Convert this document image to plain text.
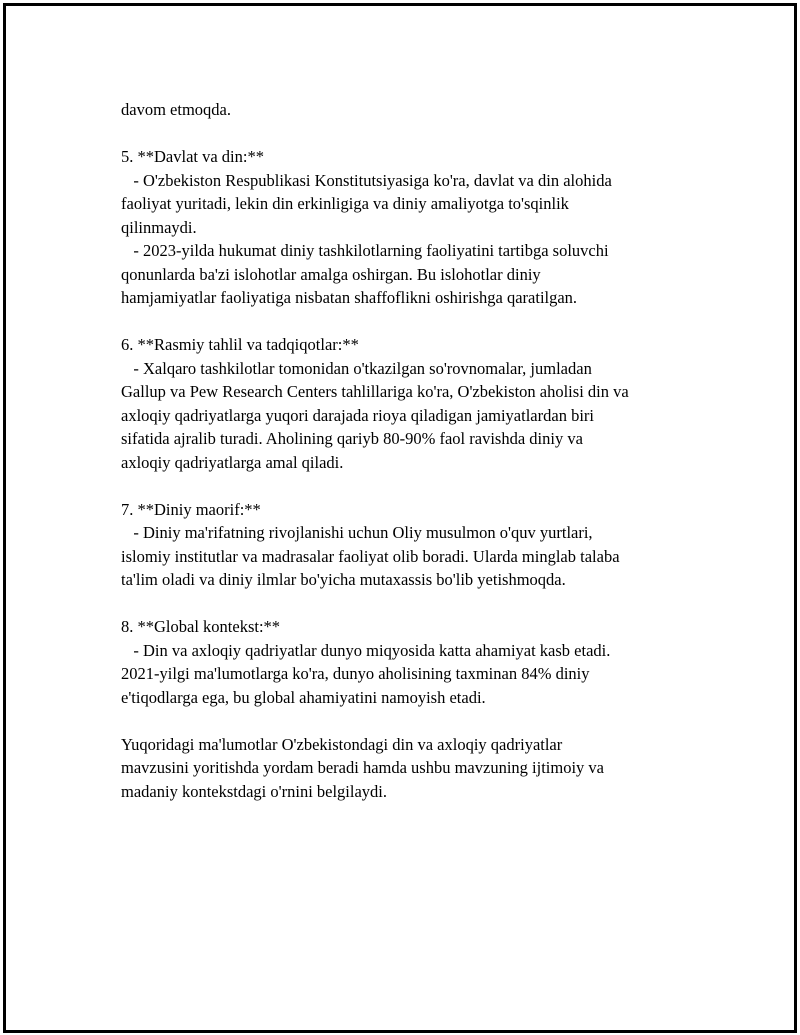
davom etmoqda.
5. **Davlat va din:**
- O'zbekiston Respublikasi Konstitutsiyasiga ko'ra, davlat va din alohida
faoliyat yuritadi, lekin din erkinligiga va diniy amaliyotga to'sqinlik
qilinmaydi.
- 2023-yilda hukumat diniy tashkilotlarning faoliyatini tartibga soluvchi
qonunlarda ba'zi islohotlar amalga oshirgan. Bu islohotlar diniy
hamjamiyatlar faoliyatiga nisbatan shaffoflikni oshirishga qaratilgan.
6. **Rasmiy tahlil va tadqiqotlar:**
- Xalqaro tashkilotlar tomonidan o'tkazilgan so'rovnomalar, jumladan
Gallup va Pew Research Centers tahlillariga ko'ra, O'zbekiston aholisi din va
axloqiy qadriyatlarga yuqori darajada rioya qiladigan jamiyatlardan biri
sifatida ajralib turadi. Aholining qariyb 80-90% faol ravishda diniy va
axloqiy qadriyatlarga amal qiladi.
7. **Diniy maorif:**
- Diniy ma'rifatning rivojlanishi uchun Oliy musulmon o'quv yurtlari,
islomiy institutlar va madrasalar faoliyat olib boradi. Ularda minglab talaba
ta'lim oladi va diniy ilmlar bo'yicha mutaxassis bo'lib yetishmoqda.
8. **Global kontekst:**
- Din va axloqiy qadriyatlar dunyo miqyosida katta ahamiyat kasb etadi.
2021-yilgi ma'lumotlarga ko'ra, dunyo aholisining taxminan 84% diniy
e'tiqodlarga ega, bu global ahamiyatini namoyish etadi.
Yuqoridagi ma'lumotlar O'zbekistondagi din va axloqiy qadriyatlar
mavzusini yoritishda yordam beradi hamda ushbu mavzuning ijtimoiy va
madaniy kontekstdagi o'rnini belgilaydi.
